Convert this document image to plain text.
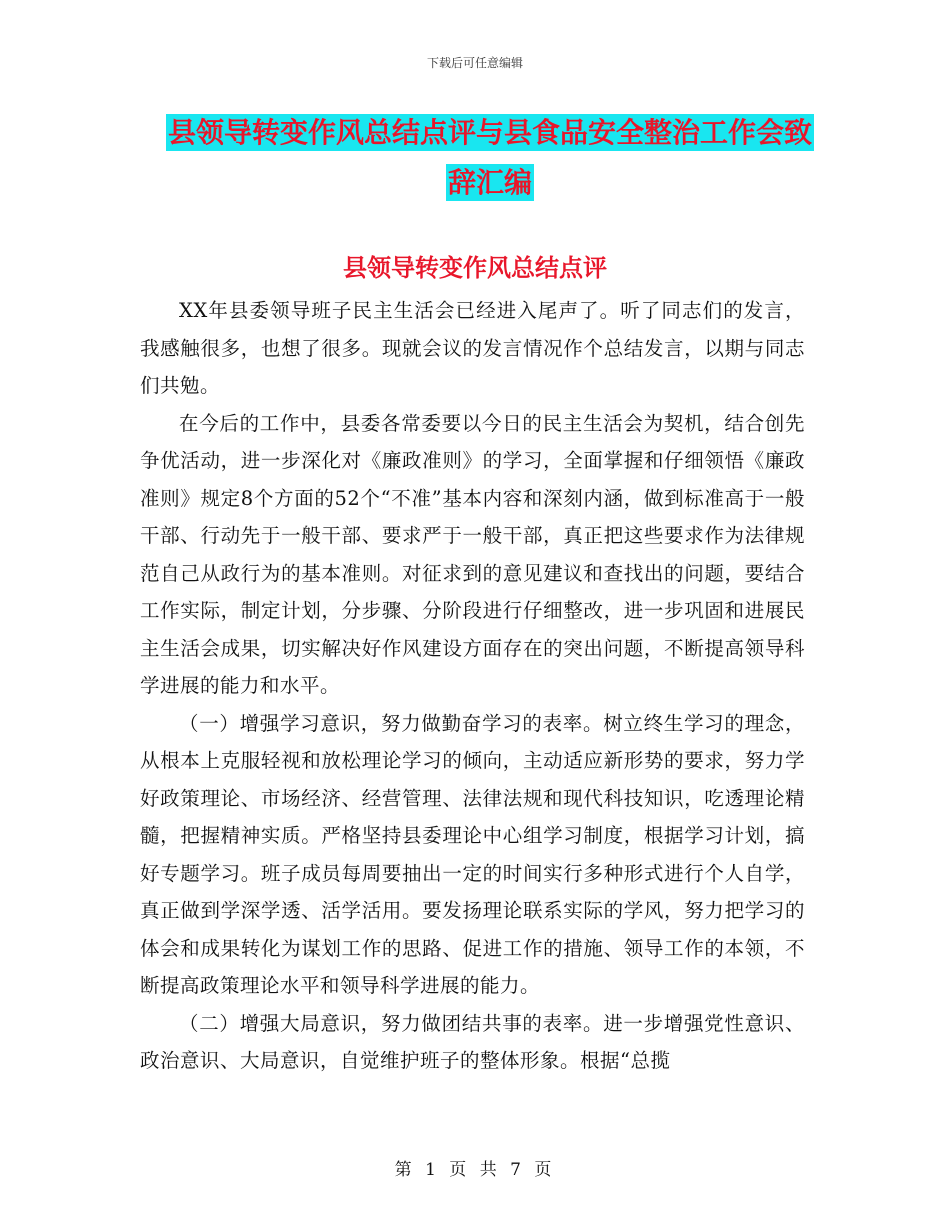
下载后可任意编辑
县领导转变作风总结点评与县食品安全整治工作会致
辞汇编
县领导转变作风总结点评

XX年县委领导班子民主生活会已经进入尾声了。听了同志们的发言，我感触很多，也想了很多。现就会议的发言情况作个总结发言，以期与同志们共勉。

在今后的工作中，县委各常委要以今日的民主生活会为契机，结合创先争优活动，进一步深化对《廉政准则》的学习，全面掌握和仔细领悟《廉政准则》规定8个方面的52个“不准”基本内容和深刻内涵，做到标准高于一般干部、行动先于一般干部、要求严于一般干部，真正把这些要求作为法律规范自己从政行为的基本准则。对征求到的意见建议和查找出的问题，要结合工作实际，制定计划，分步骤、分阶段进行仔细整改，进一步巩固和进展民主生活会成果，切实解决好作风建设方面存在的突出问题，不断提高领导科学进展的能力和水平。

（一）增强学习意识，努力做勤奋学习的表率。树立终生学习的理念，从根本上克服轻视和放松理论学习的倾向，主动适应新形势的要求，努力学好政策理论、市场经济、经营管理、法律法规和现代科技知识，吃透理论精髓，把握精神实质。严格坚持县委理论中心组学习制度，根据学习计划，搞好专题学习。班子成员每周要抽出一定的时间实行多种形式进行个人自学，真正做到学深学透、活学活用。要发扬理论联系实际的学风，努力把学习的体会和成果转化为谋划工作的思路、促进工作的措施、领导工作的本领，不断提高政策理论水平和领导科学进展的能力。

（二）增强大局意识，努力做团结共事的表率。进一步增强党性意识、政治意识、大局意识，自觉维护班子的整体形象。根据“总揽

第 1 页 共 7 页
